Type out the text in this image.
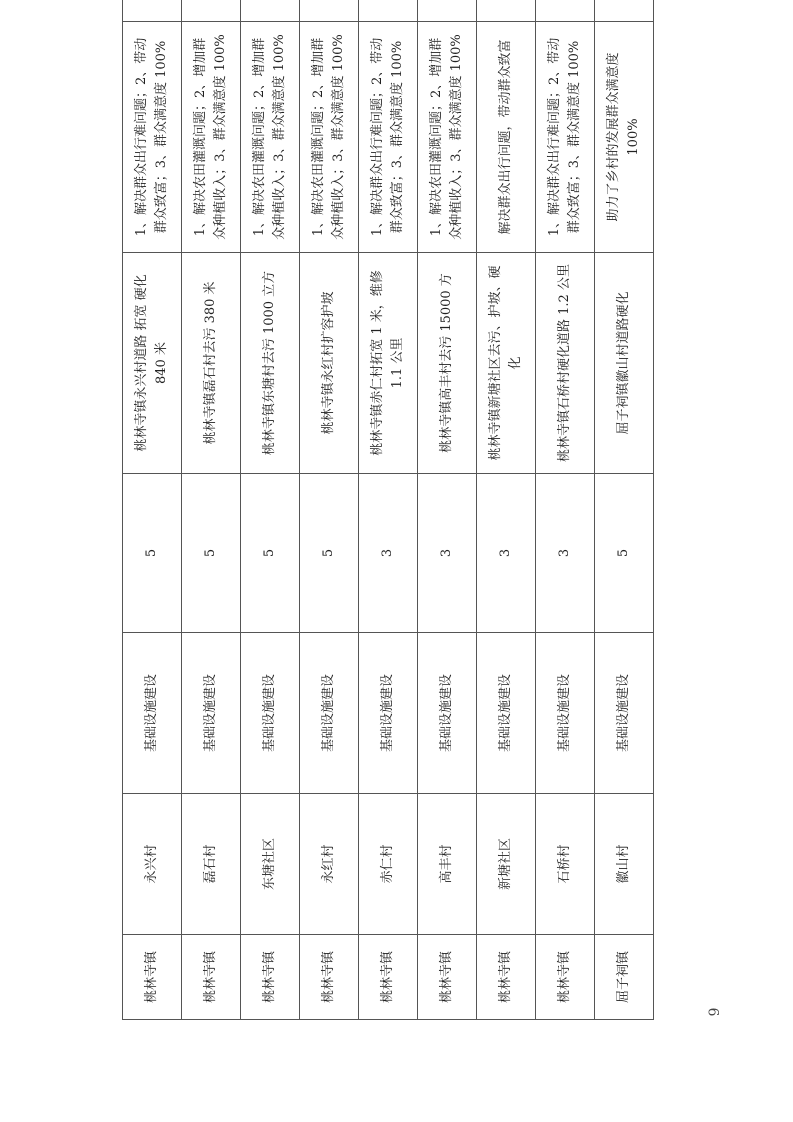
桃林寺镇	永兴村	基础设施建设	5	桃林寺镇永兴村道路 拓宽 硬化 840 米	1、解决群众出行难问题；2、带动群众致富；3、群众满意度 100%	
桃林寺镇	磊石村	基础设施建设	5	桃林寺镇磊石村去污 380 米	1、解决农田灌溉问题；2、增加群众种植收入；3、群众满意度 100%	
桃林寺镇	东塘社区	基础设施建设	5	桃林寺镇东塘村去污 1000 立方	1、解决农田灌溉问题；2、增加群众种植收入；3、群众满意度 100%	
桃林寺镇	永红村	基础设施建设	5	桃林寺镇永红村扩容护坡	1、解决农田灌溉问题；2、增加群众种植收入；3、群众满意度 100%	
桃林寺镇	赤仁村	基础设施建设	3	桃林寺镇赤仁村拓宽 1 米，维修 1.1 公里	1、解决群众出行难问题；2、带动群众致富；3、群众满意度 100%	
桃林寺镇	高丰村	基础设施建设	3	桃林寺镇高丰村去污 15000 方	1、解决农田灌溉问题；2、增加群众种植收入；3、群众满意度 100%	
桃林寺镇	新塘社区	基础设施建设	3	桃林寺镇新塘社区去污、护坡、硬化	解决群众出行问题，带动群众致富	
桃林寺镇	石桥村	基础设施建设	3	桃林寺镇石桥村硬化道路 1.2 公里	1、解决群众出行难问题；2、带动群众致富；3、群众满意度 100%	
屈子祠镇	徽山村	基础设施建设	5	屈子祠镇徽山村道路硬化	助力了乡村的发展群众满意度 100%	
6
